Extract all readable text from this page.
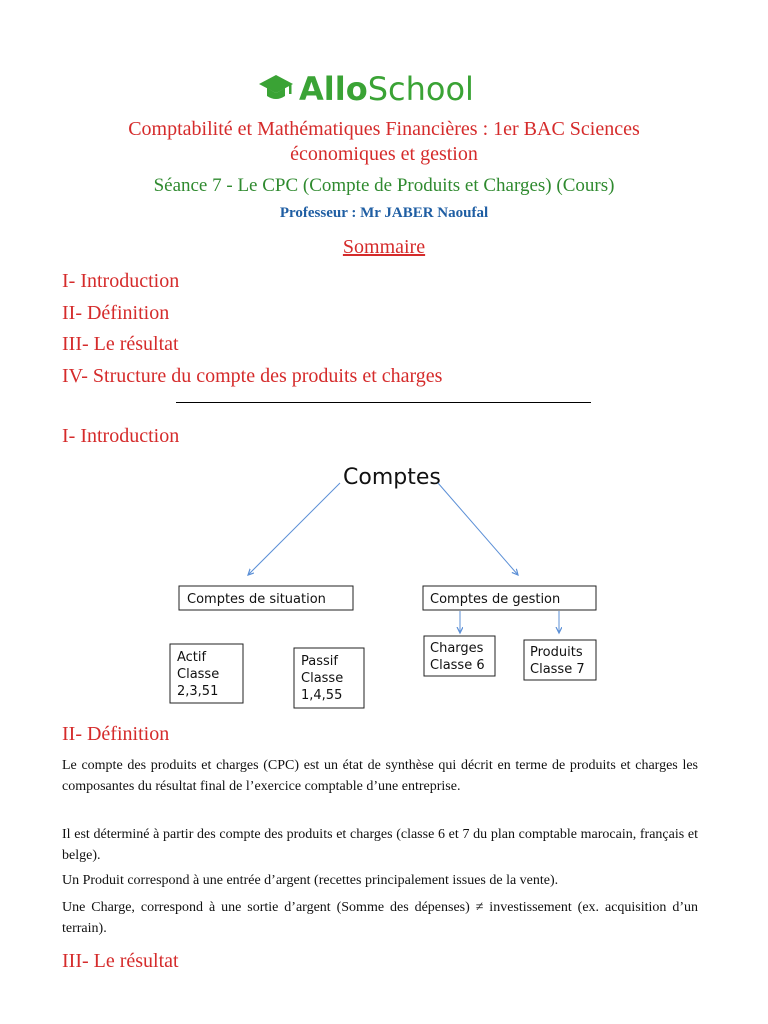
AlloSchool
Comptabilité et Mathématiques Financières : 1er BAC Sciences
économiques et gestion
Séance 7 - Le CPC (Compte de Produits et Charges) (Cours)
Professeur : Mr JABER Naoufal
Sommaire
I- Introduction
II- Définition
III- Le résultat
IV- Structure du compte des produits et charges
I- Introduction
Comptes
Comptes de situation	Comptes de gestion
Actif
Classe
2,3,51
Passif
Classe
1,4,55
Charges
Classe 6
Produits
Classe 7
II- Définition

Le compte des produits et charges (CPC) est un état de synthèse qui décrit en terme de produits et charges les composantes du résultat final de l’exercice comptable d’une entreprise.

Il est déterminé à partir des compte des produits et charges (classe 6 et 7 du plan comptable marocain, français et belge).

Un Produit correspond à une entrée d’argent (recettes principalement issues de la vente).

Une Charge, correspond à une sortie d’argent (Somme des dépenses) ≠ investissement (ex. acquisition d’un terrain).

III- Le résultat
